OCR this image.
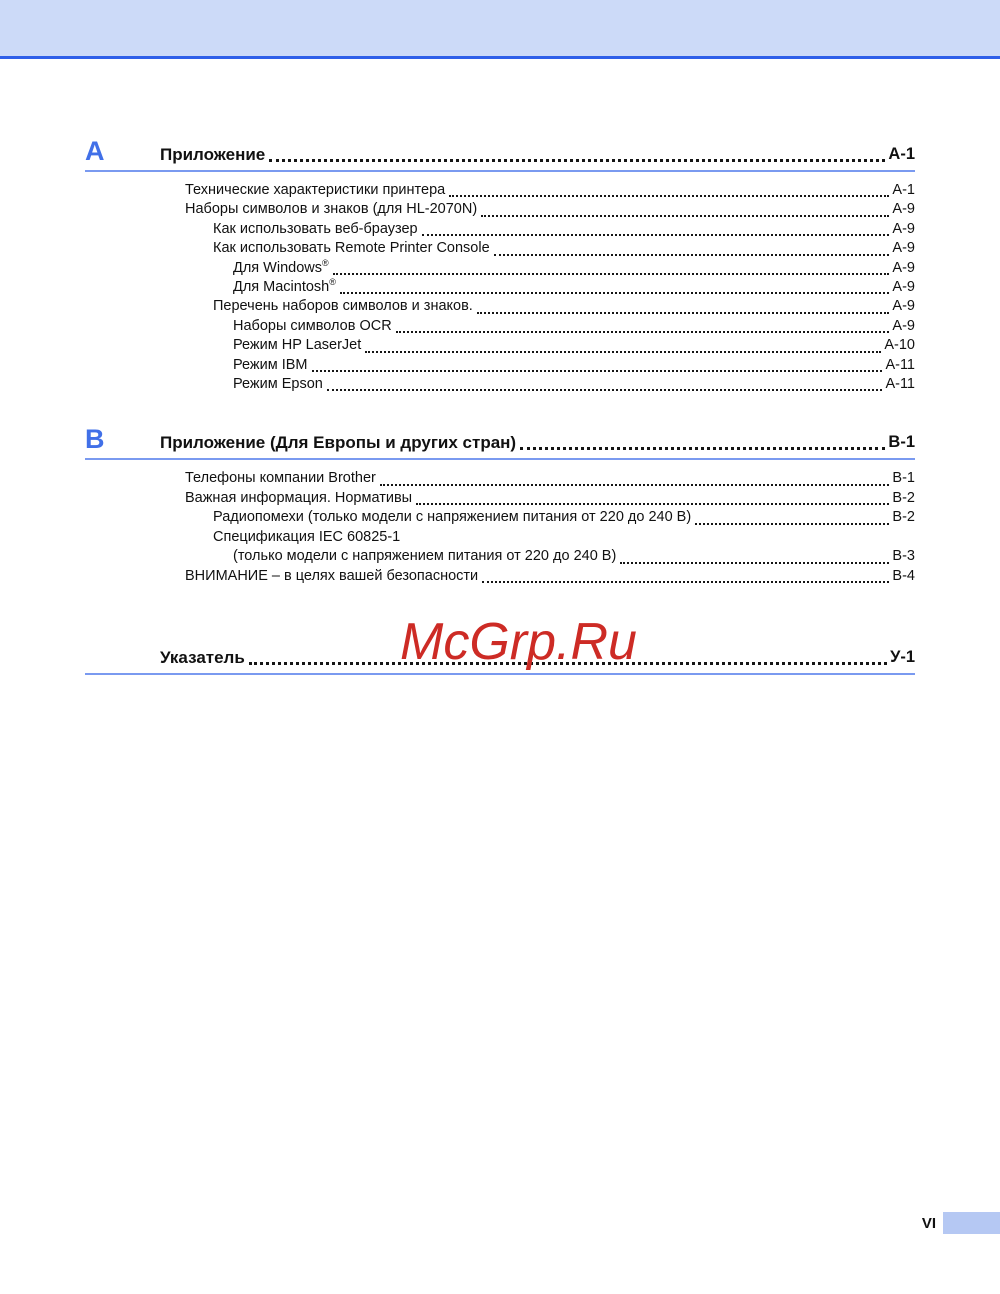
A	Приложение	A-1
Технические характеристики принтера	A-1
Наборы символов и знаков (для HL-2070N)	A-9
Как использовать веб-браузер	A-9
Как использовать Remote Printer Console	A-9
Для Windows®	A-9
Для Macintosh®	A-9
Перечень наборов символов и знаков.	A-9
Наборы символов OCR	A-9
Режим HP LaserJet	A-10
Режим IBM	A-11
Режим Epson	A-11
B	Приложение (Для Европы и других стран)	B-1
Телефоны компании Brother	B-1
Важная информация. Нормативы	B-2
Радиопомехи (только модели с напряжением питания от 220 до 240 В)	B-2
Спецификация IEC 60825-1
(только модели с напряжением питания от 220 до 240 В)	B-3
ВНИМАНИЕ – в целях вашей безопасности	B-4
Указатель	У-1
McGrp.Ru
VI
